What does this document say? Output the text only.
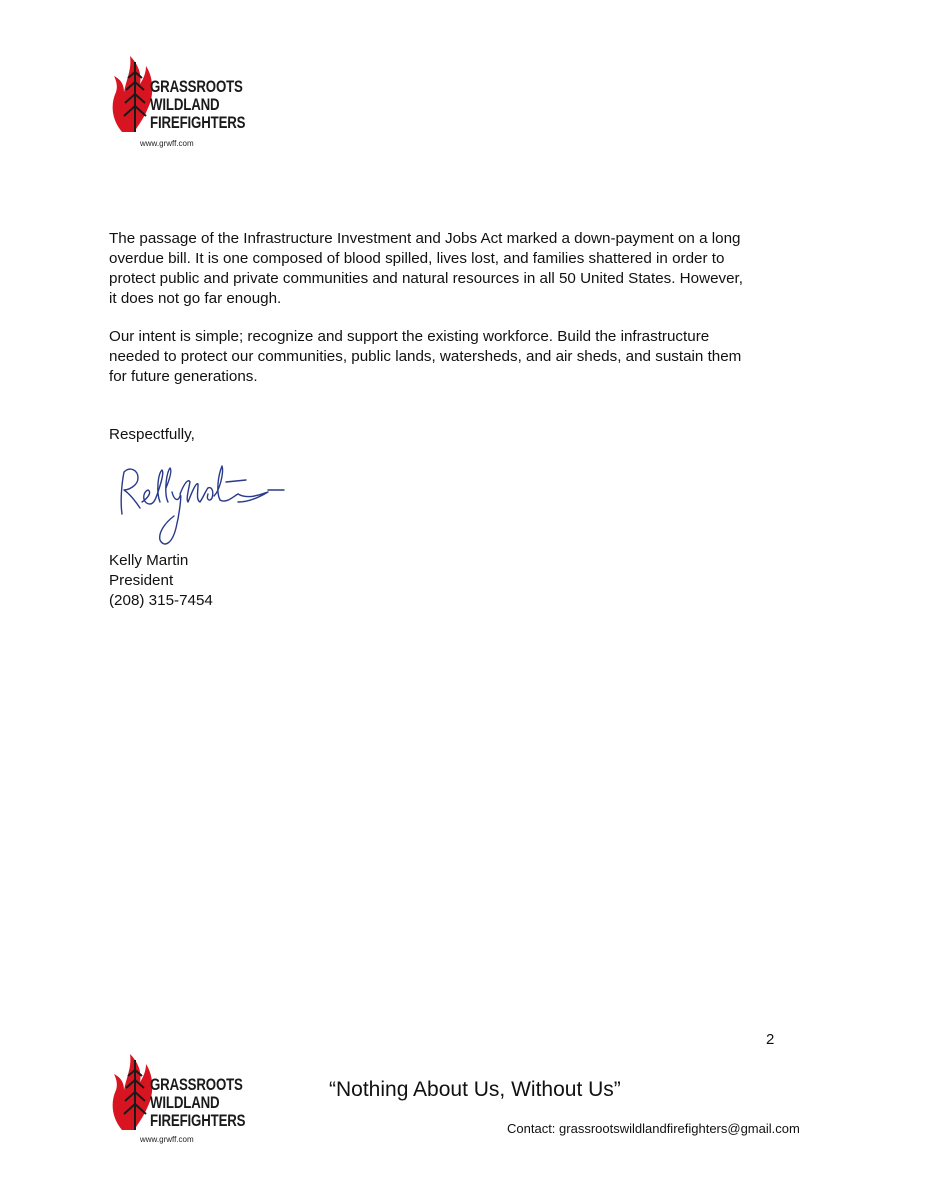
GRASSROOTS
WILDLAND
FIREFIGHTERS
www.grwff.com
The passage of the Infrastructure Investment and Jobs Act marked a down-payment on a long
overdue bill. It is one composed of blood spilled, lives lost, and families shattered in order to
protect public and private communities and natural resources in all 50 United States. However,
it does not go far enough.
Our intent is simple; recognize and support the existing workforce. Build the infrastructure
needed to protect our communities, public lands, watersheds, and air sheds, and sustain them
for future generations.
Respectfully,
Kelly Martin
President
(208) 315-7454
2
GRASSROOTS
WILDLAND
FIREFIGHTERS
www.grwff.com
“Nothing About Us, Without Us”
Contact: grassrootswildlandfirefighters@gmail.com
